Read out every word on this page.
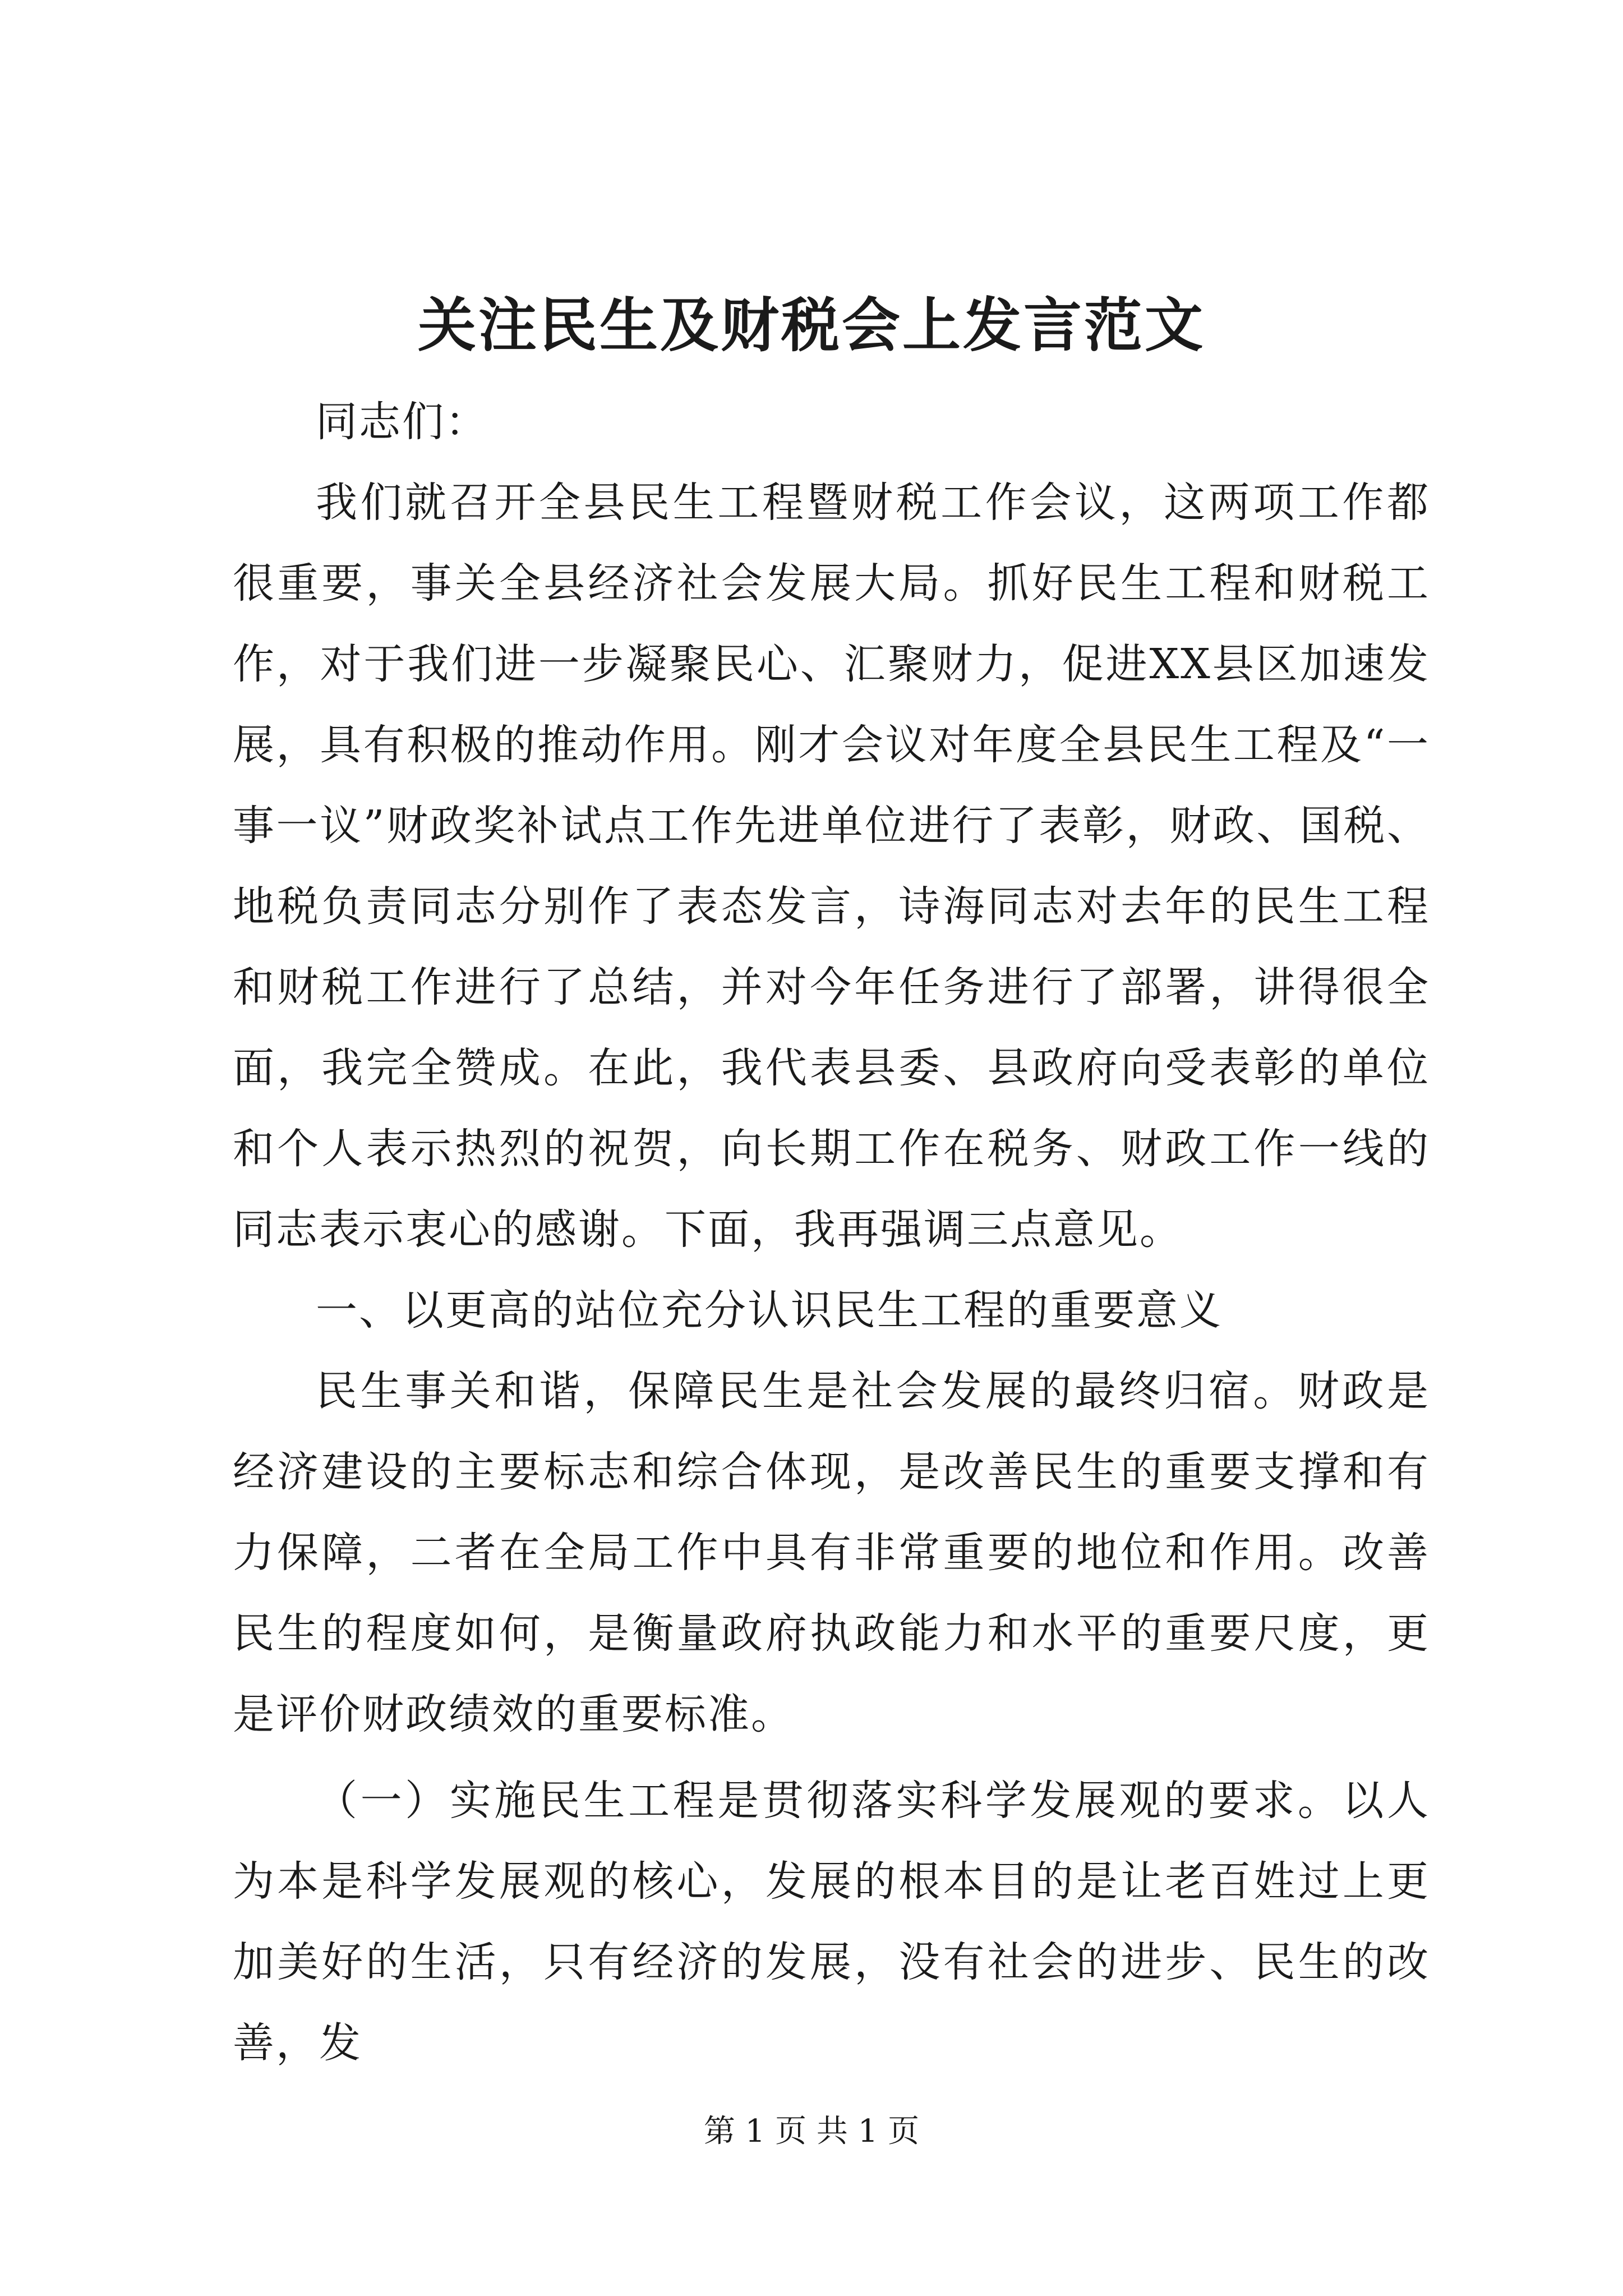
关注民生及财税会上发言范文

同志们：

我们就召开全县民生工程暨财税工作会议，这两项工作都很重要，事关全县经济社会发展大局。抓好民生工程和财税工作，对于我们进一步凝聚民心、汇聚财力，促进XX县区加速发展，具有积极的推动作用。刚才会议对年度全县民生工程及“一事一议”财政奖补试点工作先进单位进行了表彰，财政、国税、地税负责同志分别作了表态发言，诗海同志对去年的民生工程和财税工作进行了总结，并对今年任务进行了部署，讲得很全面，我完全赞成。在此，我代表县委、县政府向受表彰的单位和个人表示热烈的祝贺，向长期工作在税务、财政工作一线的同志表示衷心的感谢。下面，我再强调三点意见。

一、以更高的站位充分认识民生工程的重要意义

民生事关和谐，保障民生是社会发展的最终归宿。财政是经济建设的主要标志和综合体现，是改善民生的重要支撑和有力保障，二者在全局工作中具有非常重要的地位和作用。改善民生的程度如何，是衡量政府执政能力和水平的重要尺度，更是评价财政绩效的重要标准。

（一）实施民生工程是贯彻落实科学发展观的要求。以人为本是科学发展观的核心，发展的根本目的是让老百姓过上更加美好的生活，只有经济的发展，没有社会的进步、民生的改善，发

第 1 页 共 1 页
